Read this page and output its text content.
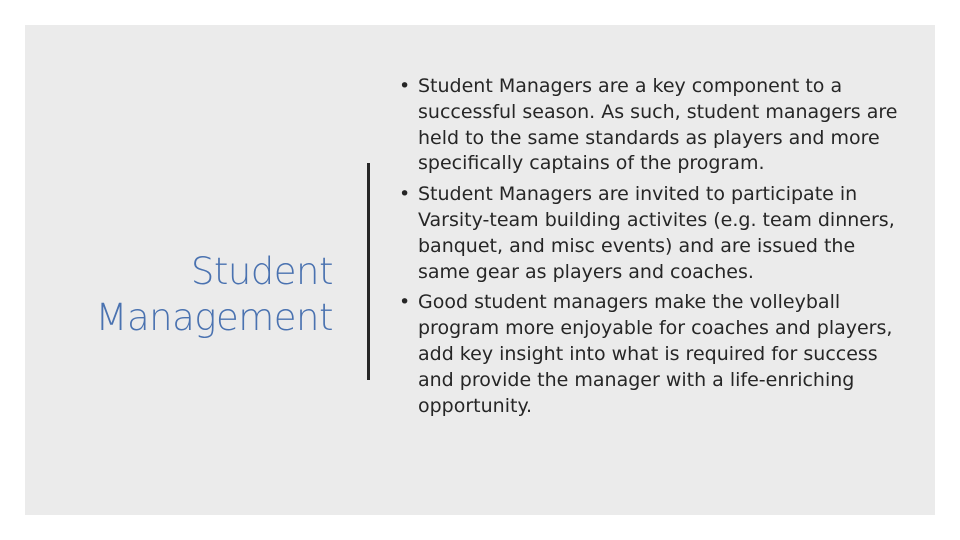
Student
Management
• Student Managers are a key component to a successful season. As such, student managers are held to the same standards as players and more specifically captains of the program.
• Student Managers are invited to participate in Varsity-team building activites (e.g. team dinners, banquet, and misc events) and are issued the same gear as players and coaches.
• Good student managers make the volleyball program more enjoyable for coaches and players, add key insight into what is required for success and provide the manager with a life-enriching opportunity.
